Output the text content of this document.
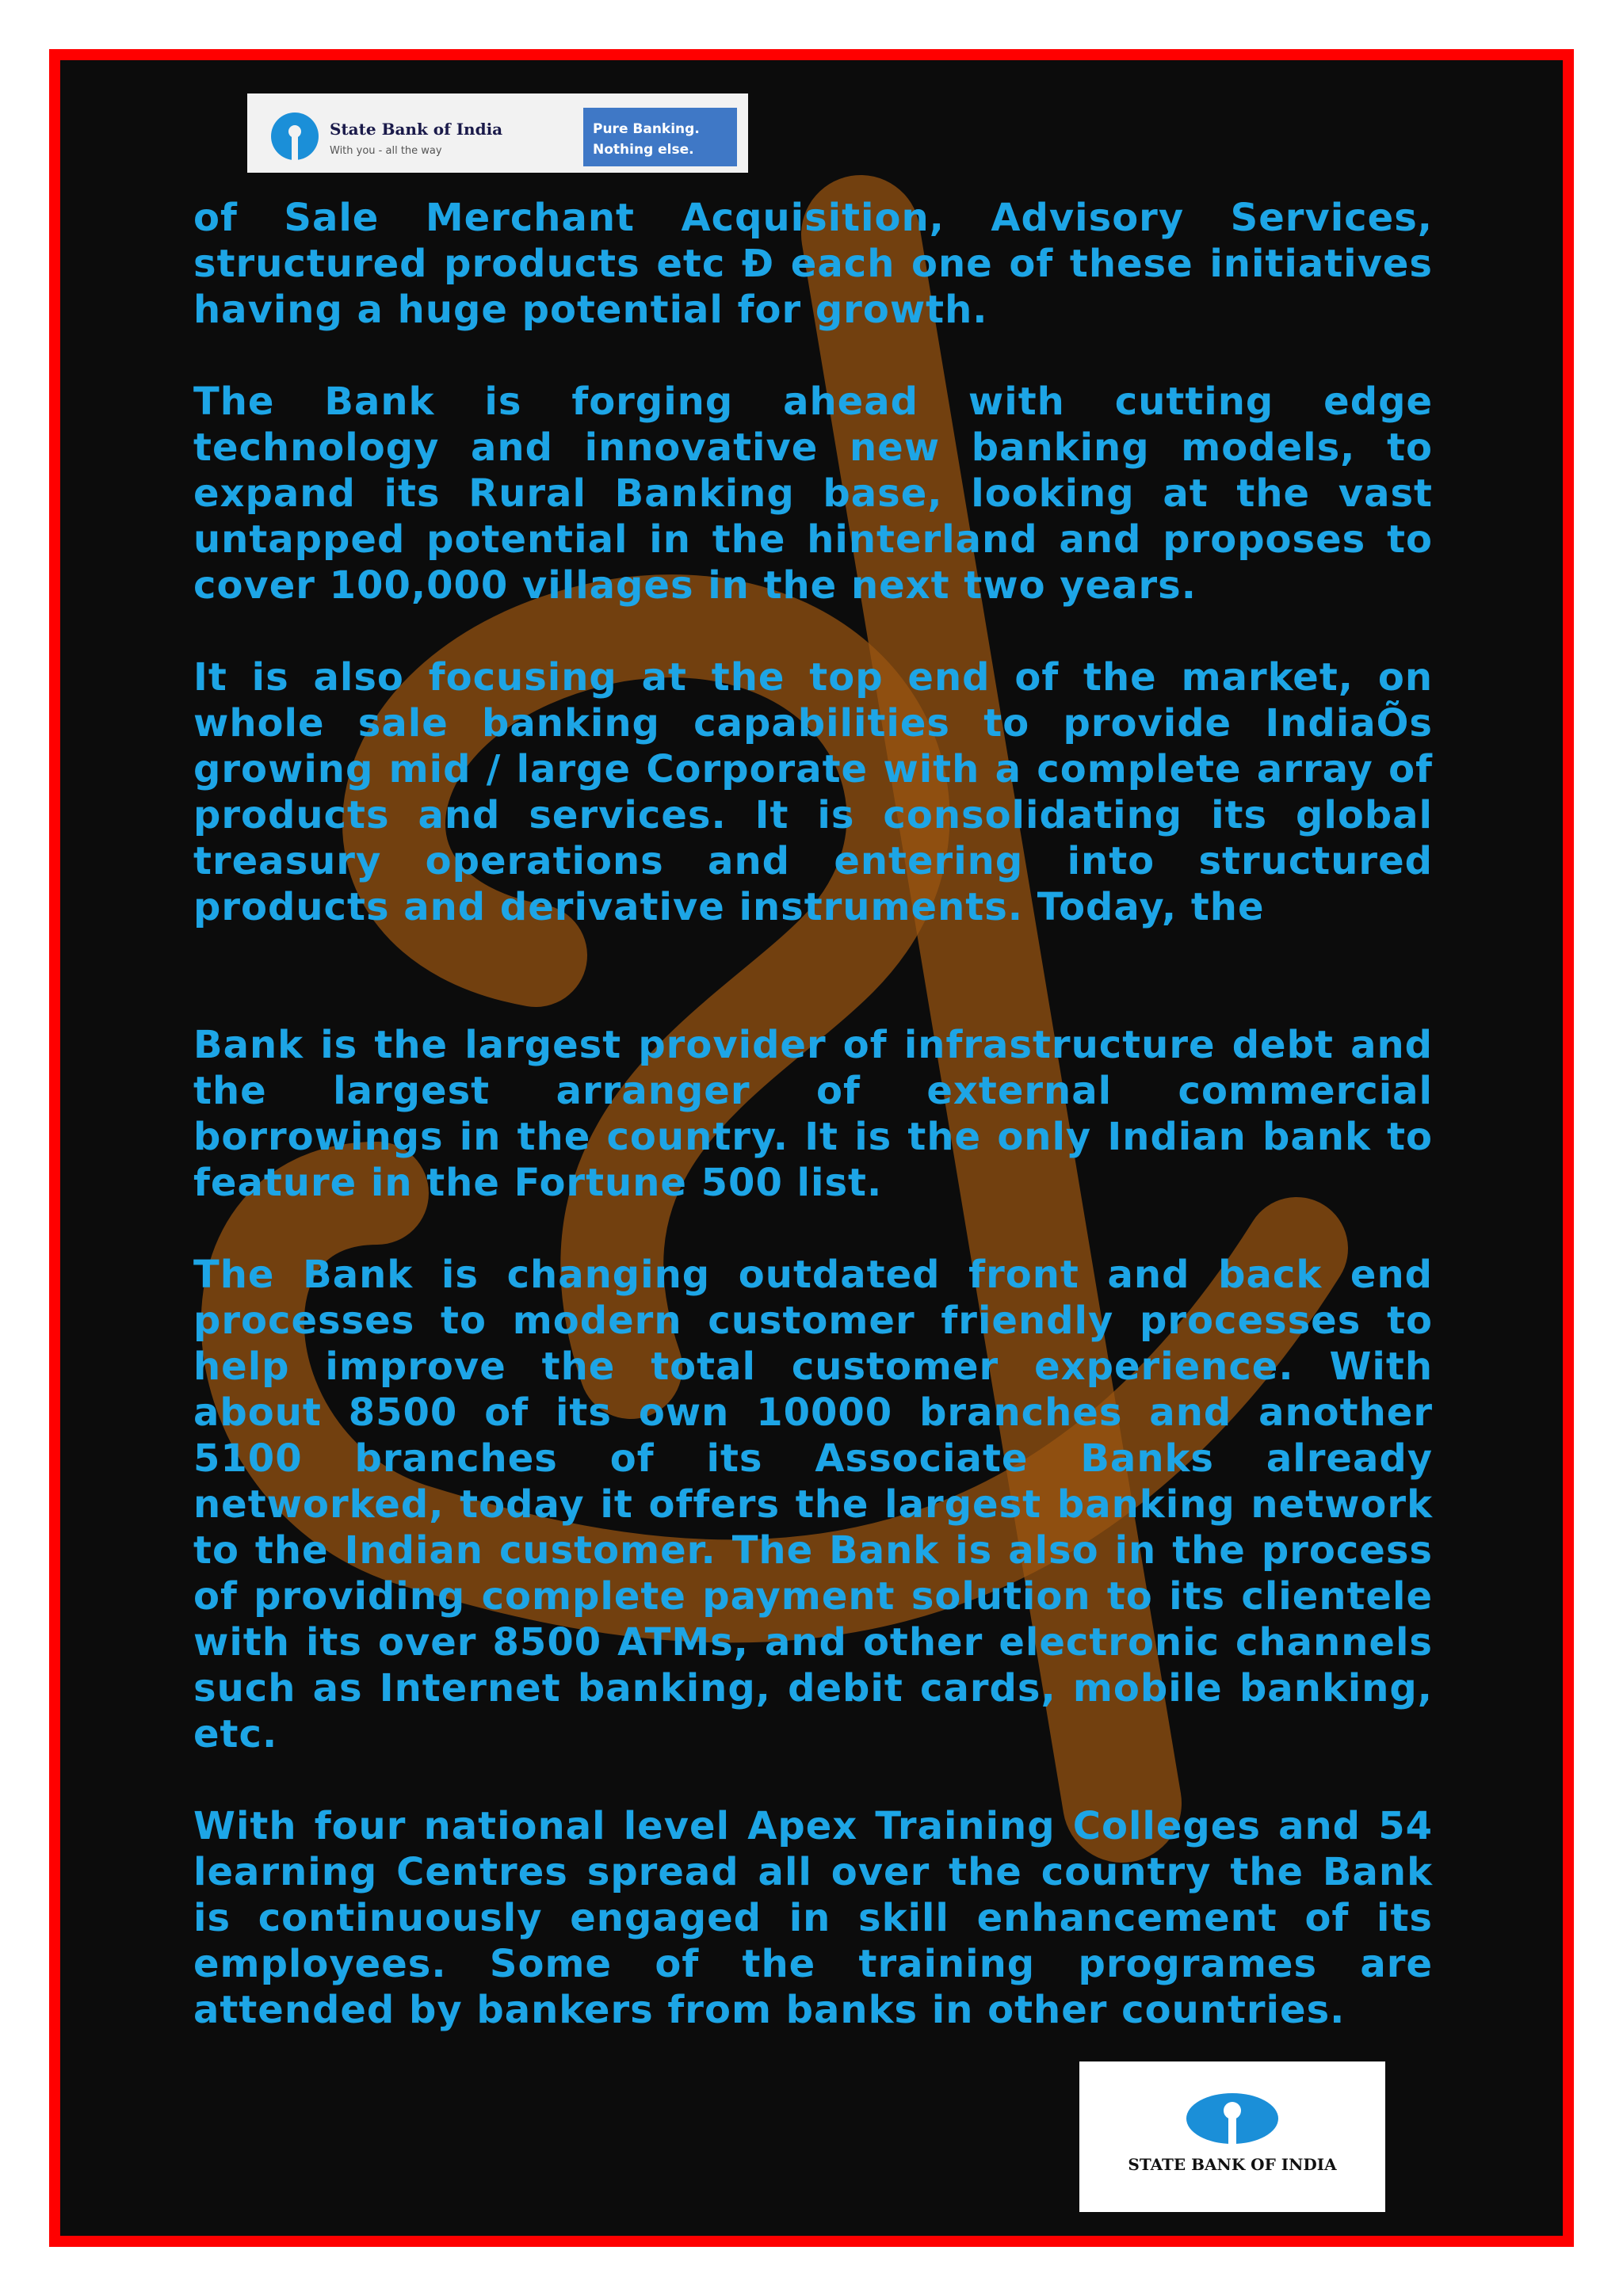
State Bank of India
With you - all the way
Pure Banking.
Nothing else.

of Sale Merchant Acquisition, Advisory Services, structured products etc Ð each one of these initiatives having a huge potential for growth.

The Bank is forging ahead with cutting edge technology and innovative new banking models, to expand its Rural Banking base, looking at the vast untapped potential in the hinterland and proposes to cover 100,000 villages in the next two years.

It is also focusing at the top end of the market, on whole sale banking capabilities to provide IndiaÕs growing mid / large Corporate with a complete array of products and services. It is consolidating its global treasury operations and entering into structured products and derivative instruments. Today, the

Bank is the largest provider of infrastructure debt and the largest arranger of external commercial borrowings in the country. It is the only Indian bank to feature in the Fortune 500 list.

The Bank is changing outdated front and back end processes to modern customer friendly processes to help improve the total customer experience. With about 8500 of its own 10000 branches and another 5100 branches of its Associate Banks already networked, today it offers the largest banking network to the Indian customer. The Bank is also in the process of providing complete payment solution to its clientele with its over 8500 ATMs, and other electronic channels such as Internet banking, debit cards, mobile banking, etc.

With four national level Apex Training Colleges and 54 learning Centres spread all over the country the Bank is continuously engaged in skill enhancement of its employees. Some of the training programes are attended by bankers from banks in other countries.

STATE BANK OF INDIA
